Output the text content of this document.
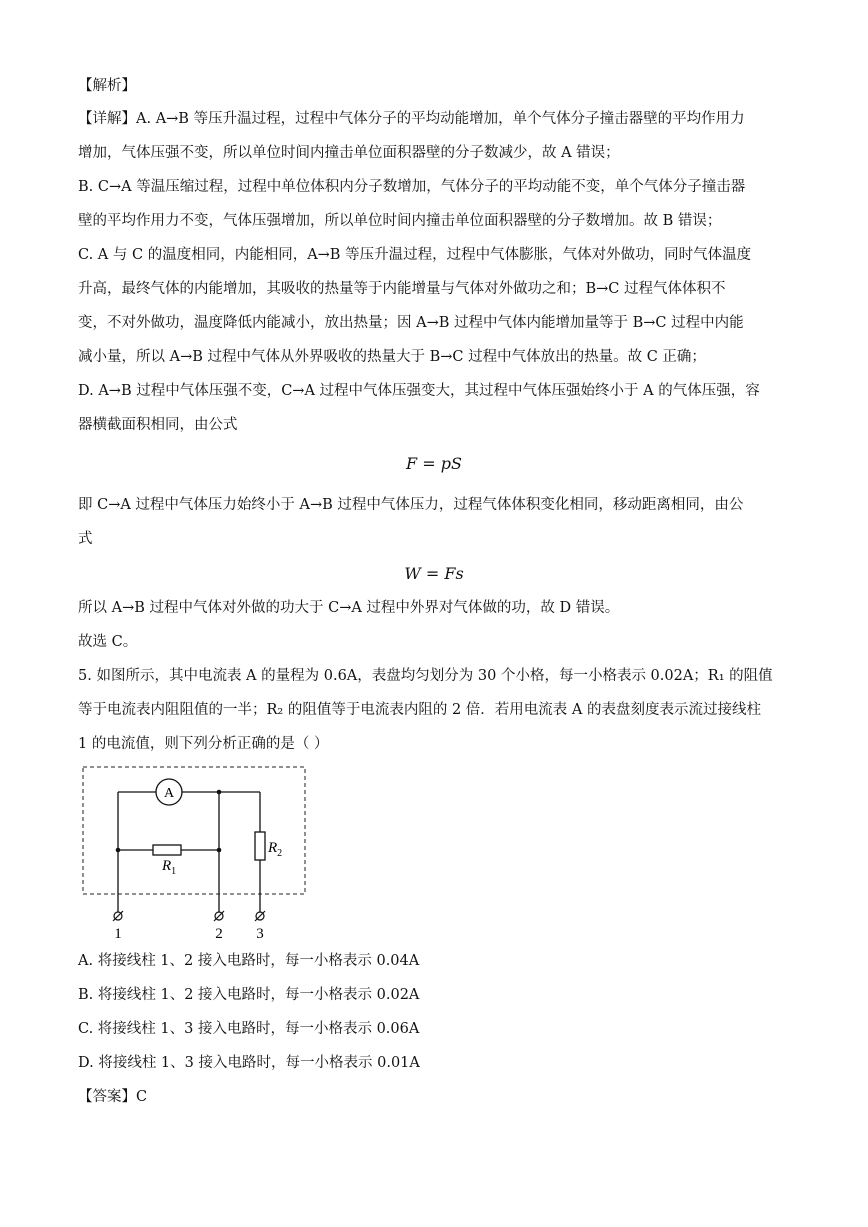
【解析】
【详解】A. A→B 等压升温过程，过程中气体分子的平均动能增加，单个气体分子撞击器壁的平均作用力
增加，气体压强不变，所以单位时间内撞击单位面积器壁的分子数减少，故 A 错误；
B. C→A 等温压缩过程，过程中单位体积内分子数增加，气体分子的平均动能不变，单个气体分子撞击器
壁的平均作用力不变，气体压强增加，所以单位时间内撞击单位面积器壁的分子数增加。故 B 错误；
C. A 与 C 的温度相同，内能相同，A→B 等压升温过程，过程中气体膨胀，气体对外做功，同时气体温度
升高，最终气体的内能增加，其吸收的热量等于内能增量与气体对外做功之和；B→C 过程气体体积不
变，不对外做功，温度降低内能减小，放出热量；因 A→B 过程中气体内能增加量等于 B→C 过程中内能
减小量，所以 A→B 过程中气体从外界吸收的热量大于 B→C 过程中气体放出的热量。故 C 正确；
D. A→B 过程中气体压强不变，C→A 过程中气体压强变大，其过程中气体压强始终小于 A 的气体压强，容
器横截面积相同，由公式
F = pS
即 C→A 过程中气体压力始终小于 A→B 过程中气体压力，过程气体体积变化相同，移动距离相同，由公
式
W = Fs
所以 A→B 过程中气体对外做的功大于 C→A 过程中外界对气体做的功，故 D 错误。
故选 C。
5. 如图所示，其中电流表 A 的量程为 0.6A，表盘均匀划分为 30 个小格，每一小格表示 0.02A；R₁ 的阻值
等于电流表内阻阻值的一半；R₂ 的阻值等于电流表内阻的 2 倍．若用电流表 A 的表盘刻度表示流过接线柱
1 的电流值，则下列分析正确的是（ ）
A
$R_1$
$R_2$
1	2 3
A. 将接线柱 1、2 接入电路时，每一小格表示 0.04A
B. 将接线柱 1、2 接入电路时，每一小格表示 0.02A
C. 将接线柱 1、3 接入电路时，每一小格表示 0.06A
D. 将接线柱 1、3 接入电路时，每一小格表示 0.01A
【答案】C
